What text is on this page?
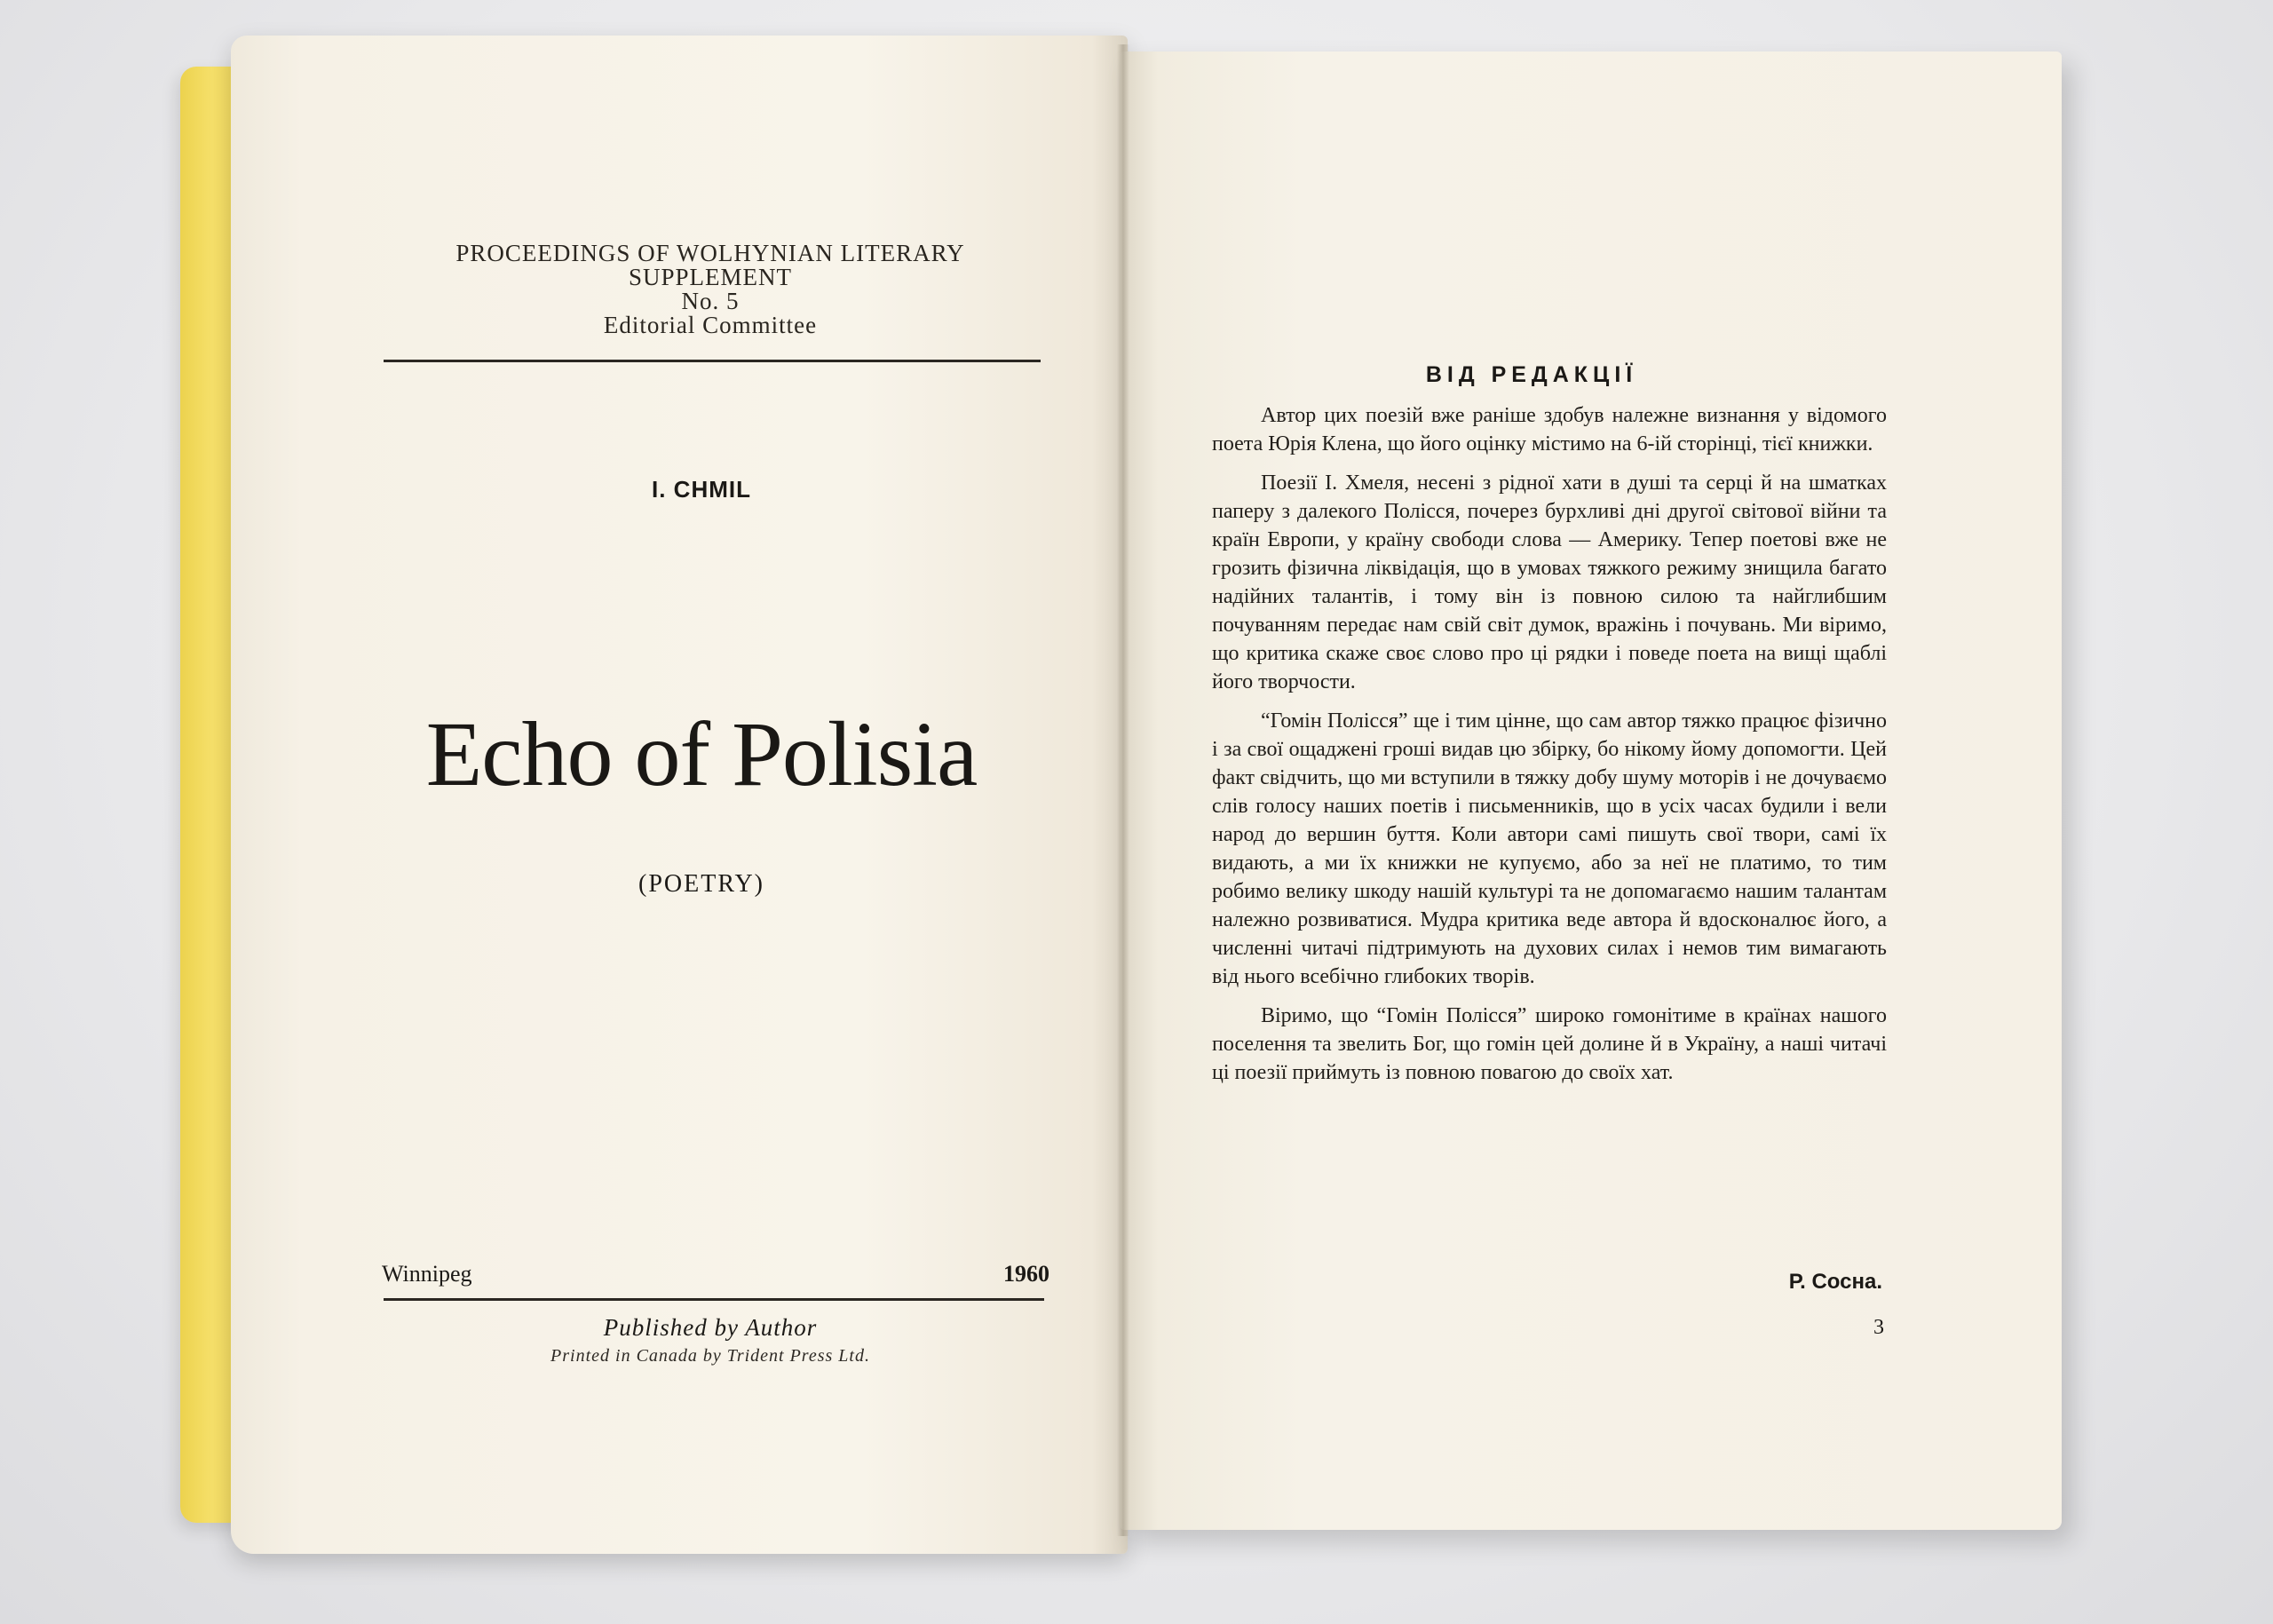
PROCEEDINGS OF WOLHYNIAN LITERARY
SUPPLEMENT
No. 5
Editorial Committee
I. CHMIL
Echo of Polisia
(POETRY)
Winnipeg	1960
Published by Author
Printed in Canada by Trident Press Ltd.
ВІД РЕДАКЦІЇ

Автор цих поезій вже раніше здобув належне визнання у відомого поета Юрія Клена, що його оцінку містимо на 6-ій сторінці, тієї книжки.

Поезії І. Хмеля, несені з рідної хати в душі та серці й на шматках паперу з далекого Полісся, почерез бурхливі дні другої світової війни та країн Европи, у країну свободи слова — Америку. Тепер поетові вже не грозить фізична ліквідація, що в умовах тяжкого режиму знищила багато надійних талантів, і тому він із повною силою та найглибшим почуванням передає нам свій світ думок, вражінь і почувань. Ми віримо, що критика скаже своє слово про ці рядки і поведе поета на вищі щаблі його творчости.

“Гомін Полісся” ще і тим цінне, що сам автор тяжко працює фізично і за свої ощаджені гроші видав цю збірку, бо нікому йому допомогти. Цей факт свідчить, що ми вступили в тяжку добу шуму моторів і не дочуваємо слів голосу наших поетів і письменників, що в усіх часах будили і вели народ до вершин буття. Коли автори самі пишуть свої твори, самі їх видають, а ми їх книжки не купуємо, або за неї не платимо, то тим робимо велику шкоду нашій культурі та не допомагаємо нашим талантам належно розвиватися. Мудра критика веде автора й вдосконалює його, а численні читачі підтримують на духових силах і немов тим вимагають від нього всебічно глибоких творів.

Віримо, що “Гомін Полісся” широко гомонітиме в країнах нашого поселення та звелить Бог, що гомін цей долине й в Україну, а наші читачі ці поезії приймуть із повною повагою до своїх хат.

Р. Сосна.
3
